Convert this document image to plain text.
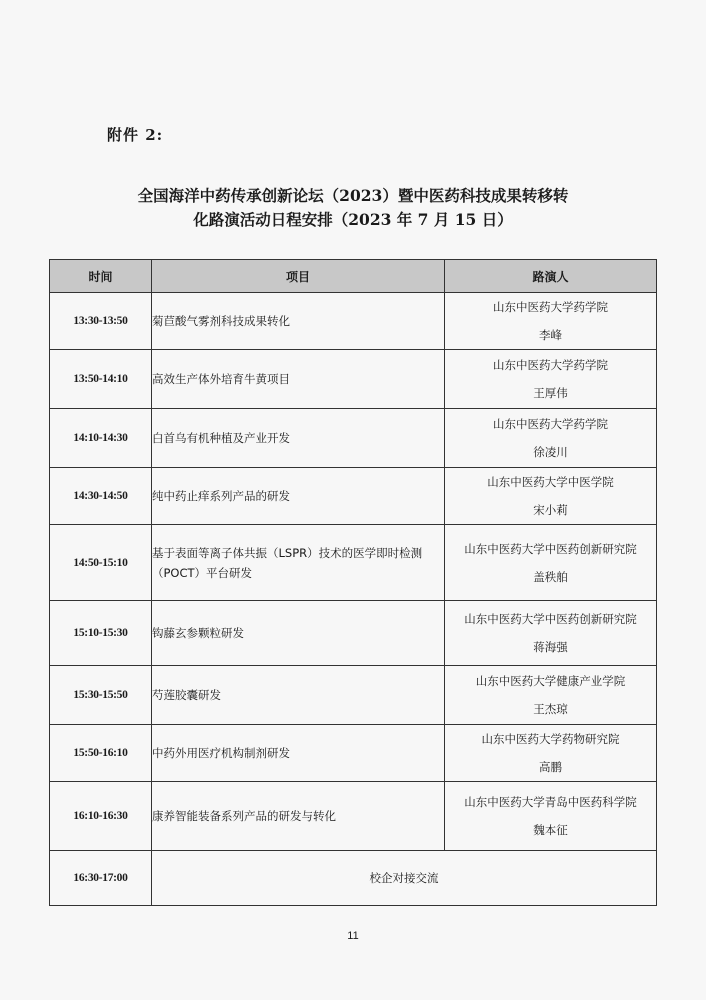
附件 2:
全国海洋中药传承创新论坛（2023）暨中医药科技成果转移转
化路演活动日程安排（2023 年 7 月 15 日）
时间	项目	路演人
13:30-13:50	菊苣酸气雾剂科技成果转化	山东中医药大学药学院
李峰

13:50-14:10	高效生产体外培育牛黄项目	山东中医药大学药学院
王厚伟

14:10-14:30	白首乌有机种植及产业开发	山东中医药大学药学院
徐凌川

14:30-14:50	纯中药止痒系列产品的研发	山东中医药大学中医学院
宋小莉

14:50-15:10	基于表面等离子体共振（LSPR）技术的医学即时检测（POCT）平台研发	山东中医药大学中医药创新研究院
盖秩舶

15:10-15:30	钩藤玄参颗粒研发	山东中医药大学中医药创新研究院
蒋海强

15:30-15:50	芍莲胶囊研发	山东中医药大学健康产业学院
王杰琼

15:50-16:10	中药外用医疗机构制剂研发	山东中医药大学药物研究院
高鹏

16:10-16:30	康养智能装备系列产品的研发与转化	山东中医药大学青岛中医药科学院
魏本征

16:30-17:00	校企对接交流	
11
